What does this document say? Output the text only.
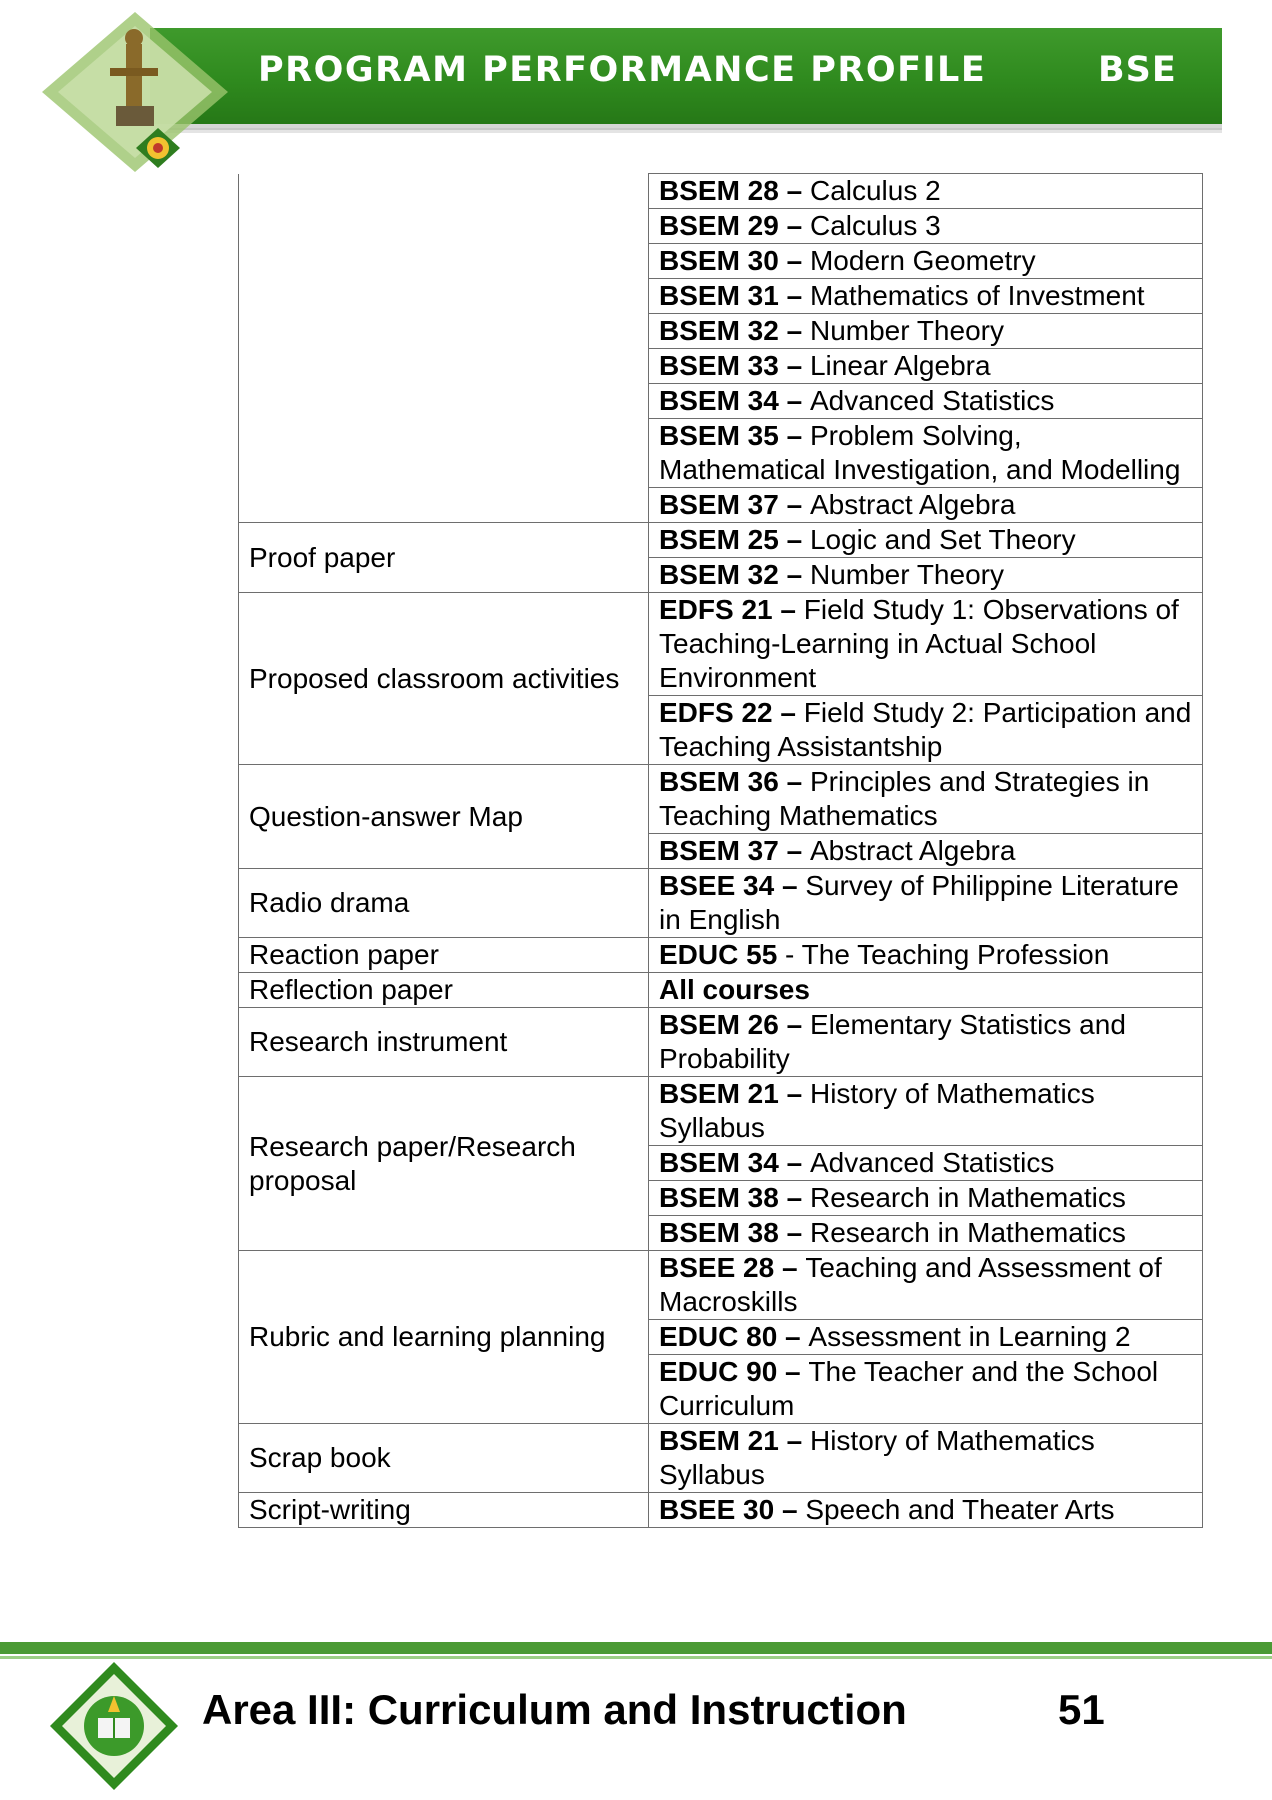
PROGRAM PERFORMANCE PROFILE	BSE
	BSEM 28 – Calculus 2
	BSEM 29 – Calculus 3
	BSEM 30 – Modern Geometry
	BSEM 31 – Mathematics of Investment
	BSEM 32 – Number Theory
	BSEM 33 – Linear Algebra
	BSEM 34 – Advanced Statistics
	BSEM 35 – Problem Solving, Mathematical Investigation, and Modelling
	BSEM 37 – Abstract Algebra
Proof paper	BSEM 25 – Logic and Set Theory
	BSEM 32 – Number Theory
Proposed classroom activities	EDFS 21 – Field Study 1: Observations of Teaching-Learning in Actual School Environment
	EDFS 22 – Field Study 2: Participation and Teaching Assistantship
Question-answer Map	BSEM 36 – Principles and Strategies in Teaching Mathematics
	BSEM 37 – Abstract Algebra
Radio drama	BSEE 34 – Survey of Philippine Literature in English
Reaction paper	EDUC 55 - The Teaching Profession
Reflection paper	All courses
Research instrument	BSEM 26 – Elementary Statistics and Probability
Research paper/Research proposal	BSEM 21 – History of Mathematics Syllabus
	BSEM 34 – Advanced Statistics
	BSEM 38 – Research in Mathematics
	BSEM 38 – Research in Mathematics
Rubric and learning planning	BSEE 28 – Teaching and Assessment of Macroskills
	EDUC 80 – Assessment in Learning 2
	EDUC 90 – The Teacher and the School Curriculum
Scrap book	BSEM 21 – History of Mathematics Syllabus
Script-writing	BSEE 30 – Speech and Theater Arts
Area III: Curriculum and Instruction	51
